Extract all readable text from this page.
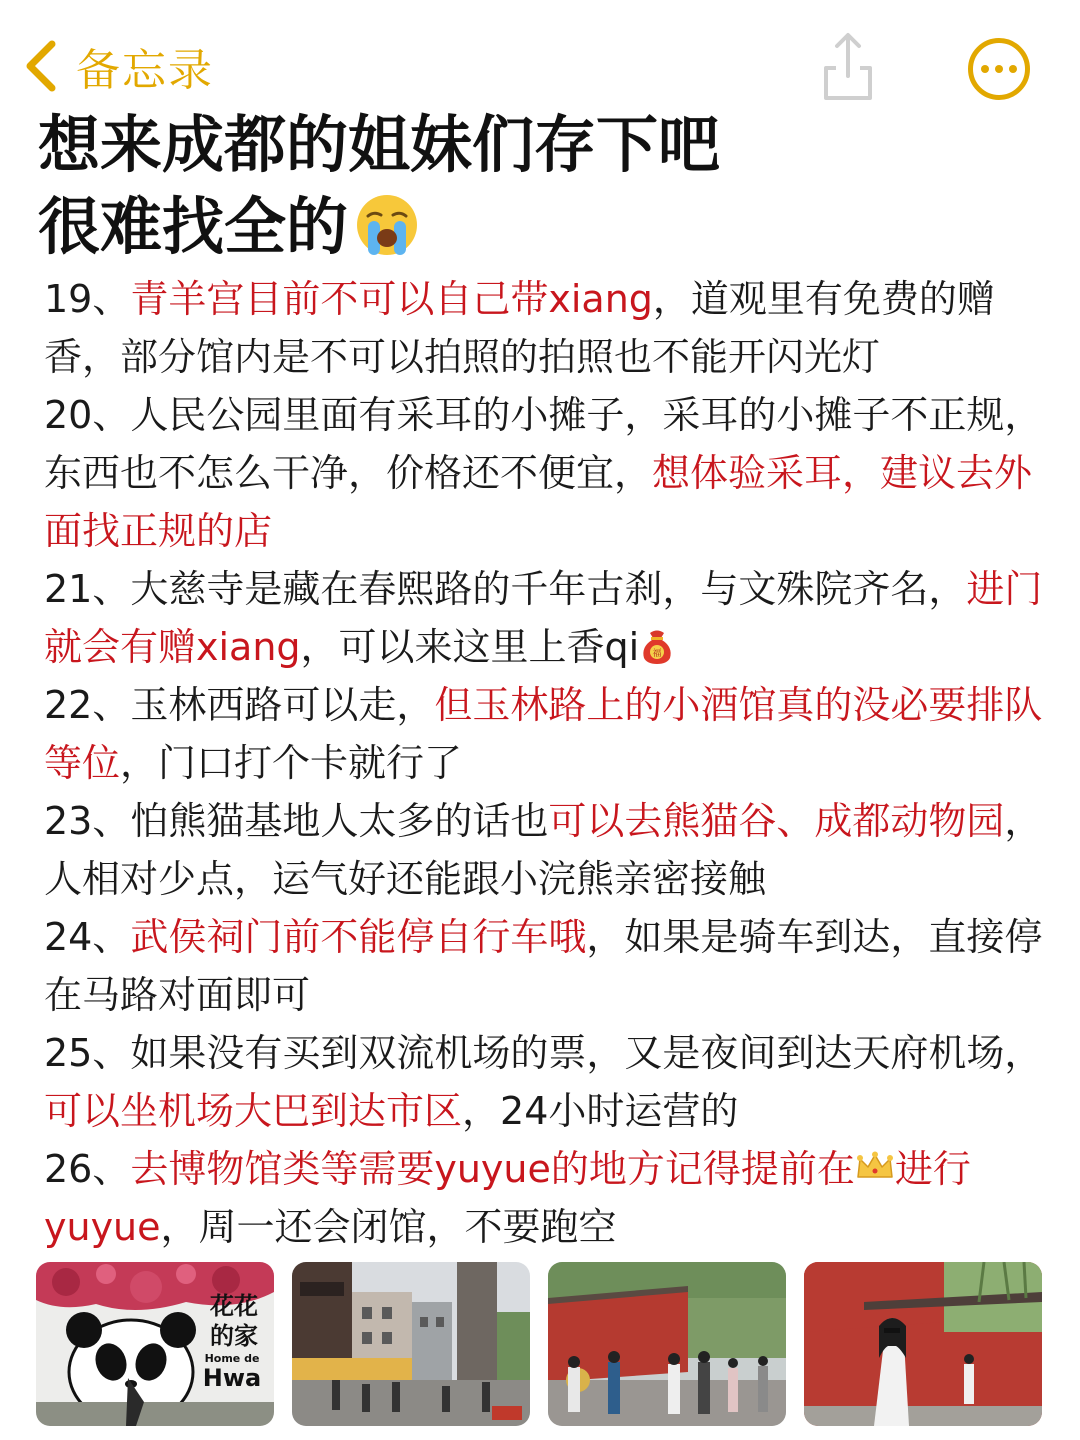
备忘录
想来成都的姐妹们存下吧
很难找全的

19、青羊宫目前不可以自己带xiang，道观里有免费的赠香，部分馆内是不可以拍照的拍照也不能开闪光灯

20、人民公园里面有采耳的小摊子，采耳的小摊子不正规，东西也不怎么干净，价格还不便宜，想体验采耳，建议去外面找正规的店

21、大慈寺是藏在春熙路的千年古刹，与文殊院齐名，进门就会有赠xiang，可以来这里上香qi 福

22、玉林西路可以走，但玉林路上的小酒馆真的没必要排队等位，门口打个卡就行了

23、怕熊猫基地人太多的话也可以去熊猫谷、成都动物园，人相对少点，运气好还能跟小浣熊亲密接触

24、武侯祠门前不能停自行车哦，如果是骑车到达，直接停在马路对面即可

25、如果没有买到双流机场的票，又是夜间到达天府机场，可以坐机场大巴到达市区，24小时运营的

26、去博物馆类等需要yuyue的地方记得提前在 进行yuyue，周一还会闭馆，不要跑空

花花
的家
Home de
Hwa
